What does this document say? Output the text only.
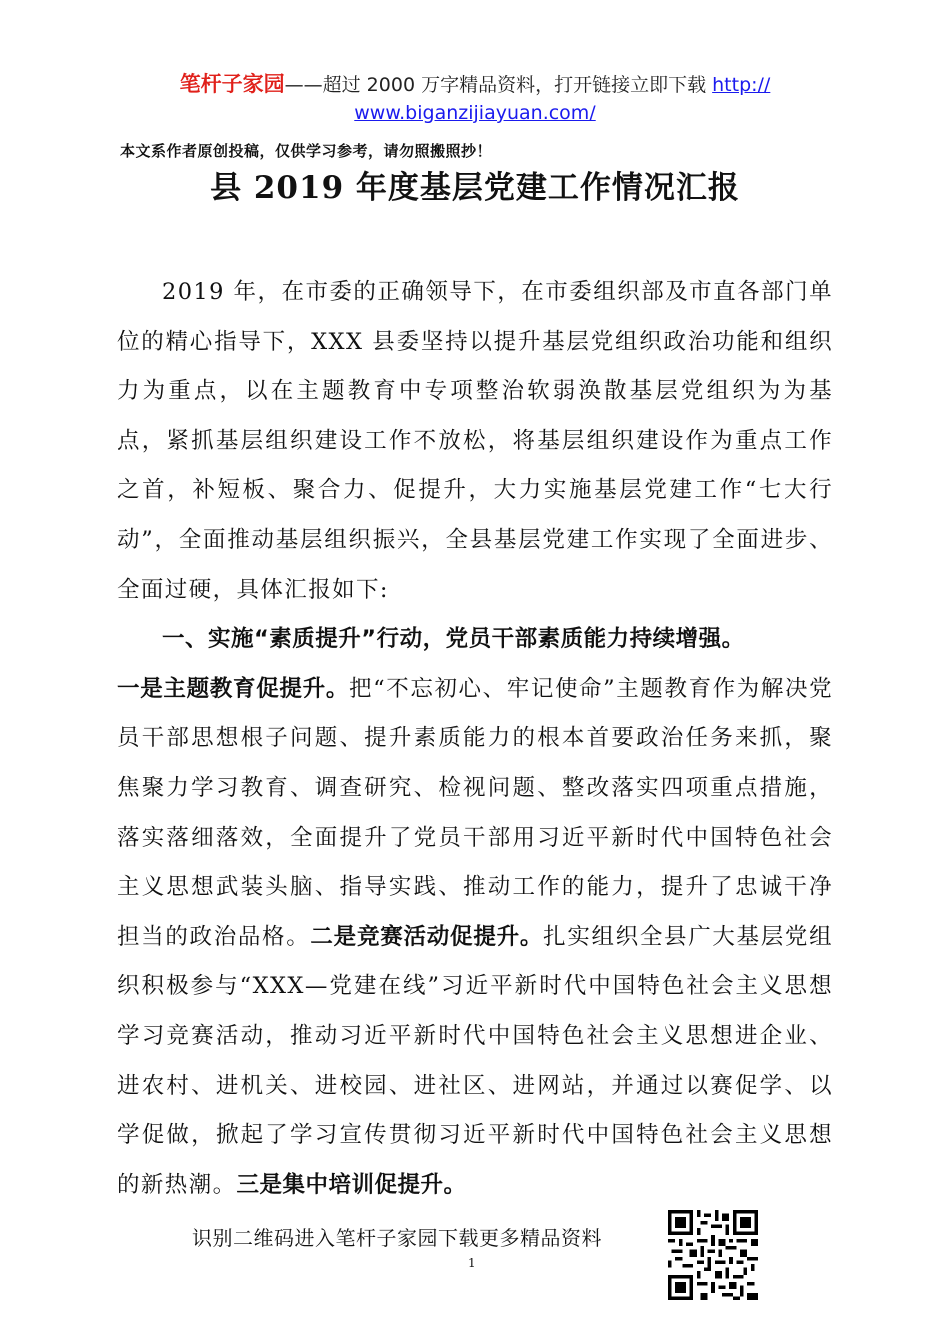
笔杆子家园——超过 2000 万字精品资料，打开链接立即下载 http://
www.biganzijiayuan.com/
本文系作者原创投稿，仅供学习参考，请勿照搬照抄！
县 2019 年度基层党建工作情况汇报

2019 年，在市委的正确领导下，在市委组织部及市直各部门单位的精心指导下，XXX 县委坚持以提升基层党组织政治功能和组织力为重点，以在主题教育中专项整治软弱涣散基层党组织为为基点，紧抓基层组织建设工作不放松，将基层组织建设作为重点工作之首，补短板、聚合力、促提升，大力实施基层党建工作“七大行动”，全面推动基层组织振兴，全县基层党建工作实现了全面进步、全面过硬，具体汇报如下:

一、实施“素质提升”行动，党员干部素质能力持续增强。

一是主题教育促提升。把“不忘初心、牢记使命”主题教育作为解决党员干部思想根子问题、提升素质能力的根本首要政治任务来抓，聚焦聚力学习教育、调查研究、检视问题、整改落实四项重点措施，落实落细落效，全面提升了党员干部用习近平新时代中国特色社会主义思想武装头脑、指导实践、推动工作的能力，提升了忠诚干净担当的政治品格。二是竞赛活动促提升。扎实组织全县广大基层党组织积极参与“XXX—党建在线”习近平新时代中国特色社会主义思想学习竞赛活动，推动习近平新时代中国特色社会主义思想进企业、进农村、进机关、进校园、进社区、进网站，并通过以赛促学、以学促做，掀起了学习宣传贯彻习近平新时代中国特色社会主义思想的新热潮。三是集中培训促提升。

识别二维码进入笔杆子家园下载更多精品资料
1
